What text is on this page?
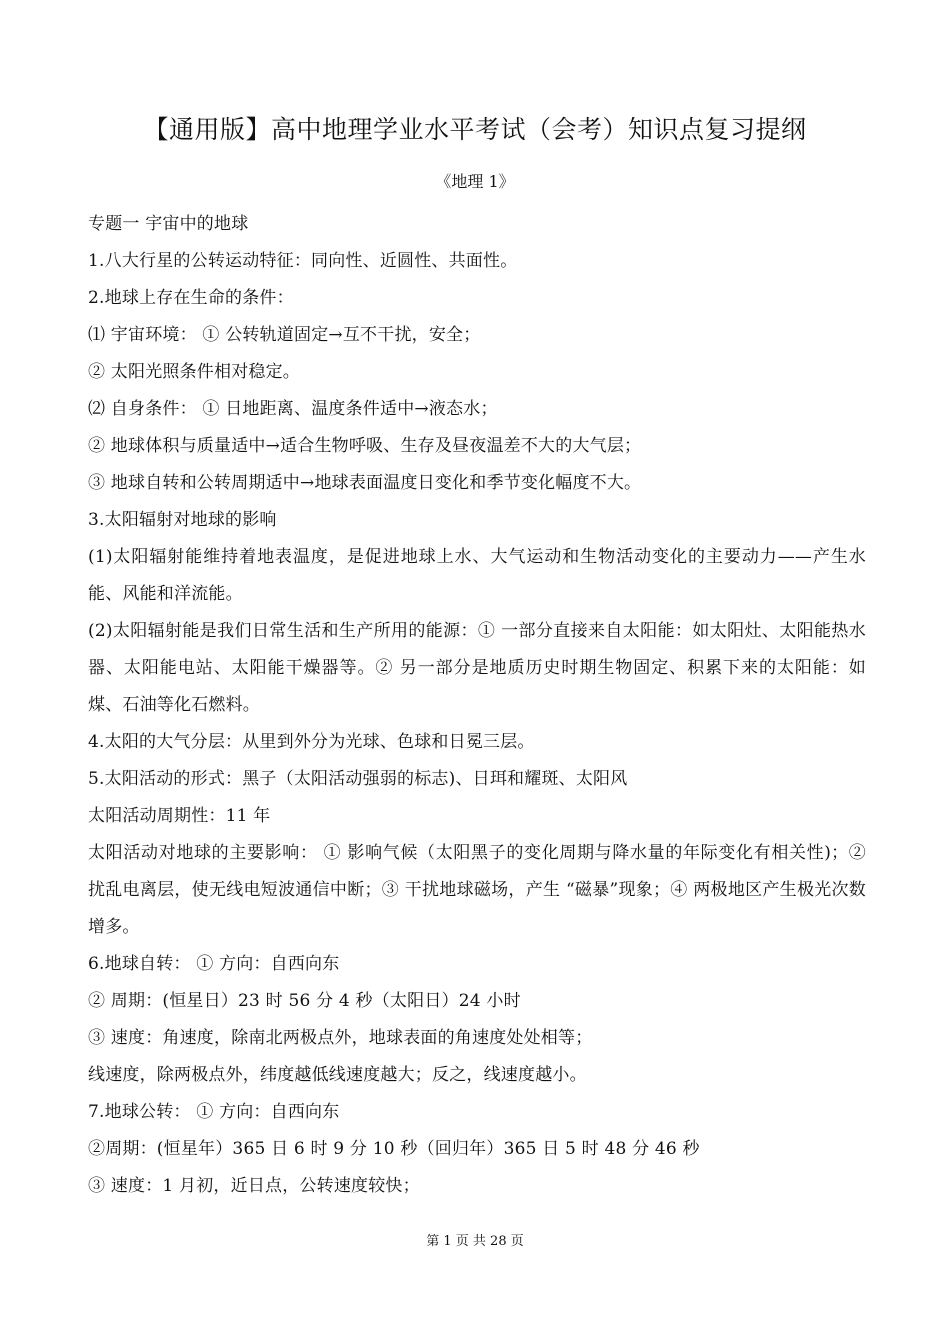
【通用版】高中地理学业水平考试（会考）知识点复习提纲
《地理 1》

专题一 宇宙中的地球

1.八大行星的公转运动特征：同向性、近圆性、共面性。

2.地球上存在生命的条件：

⑴ 宇宙环境： ① 公转轨道固定→互不干扰，安全；

② 太阳光照条件相对稳定。

⑵ 自身条件： ① 日地距离、温度条件适中→液态水；

② 地球体积与质量适中→适合生物呼吸、生存及昼夜温差不大的大气层；

③ 地球自转和公转周期适中→地球表面温度日变化和季节变化幅度不大。

3.太阳辐射对地球的影响

(1)太阳辐射能维持着地表温度，是促进地球上水、大气运动和生物活动变化的主要动力——产生水能、风能和洋流能。

(2)太阳辐射能是我们日常生活和生产所用的能源：① 一部分直接来自太阳能：如太阳灶、太阳能热水器、太阳能电站、太阳能干燥器等。② 另一部分是地质历史时期生物固定、积累下来的太阳能：如煤、石油等化石燃料。

4.太阳的大气分层：从里到外分为光球、色球和日冕三层。

5.太阳活动的形式：黑子（太阳活动强弱的标志)、日珥和耀斑、太阳风

太阳活动周期性：11 年

太阳活动对地球的主要影响： ① 影响气候（太阳黑子的变化周期与降水量的年际变化有相关性)；② 扰乱电离层，使无线电短波通信中断；③ 干扰地球磁场，产生 “磁暴”现象；④ 两极地区产生极光次数增多。

6.地球自转： ① 方向：自西向东

② 周期：(恒星日）23 时 56 分 4 秒（太阳日）24 小时

③ 速度：角速度，除南北两极点外，地球表面的角速度处处相等；

线速度，除两极点外，纬度越低线速度越大；反之，线速度越小。

7.地球公转： ① 方向：自西向东

②周期：(恒星年）365 日 6 时 9 分 10 秒（回归年）365 日 5 时 48 分 46 秒

③ 速度：1 月初，近日点，公转速度较快；

第 1 页 共 28 页
